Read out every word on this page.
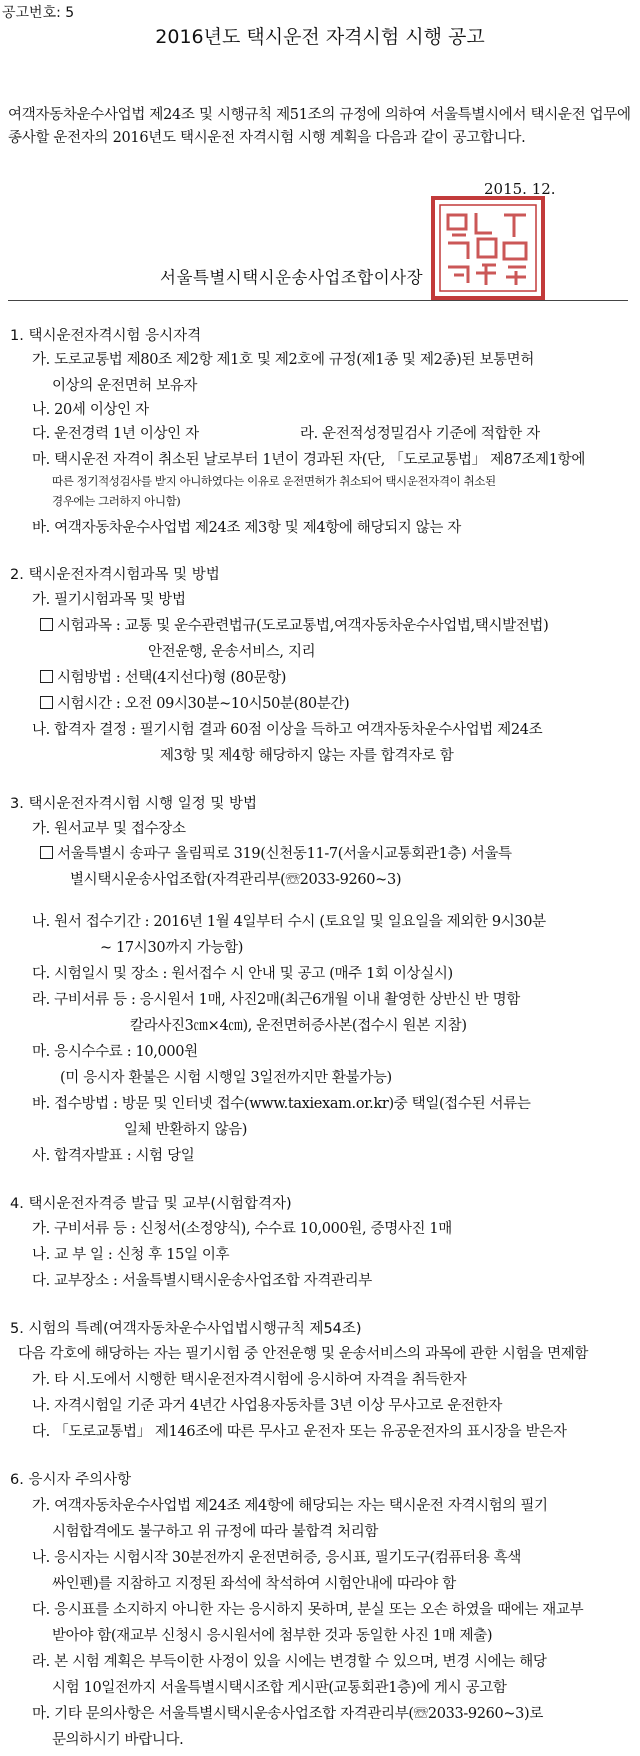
공고번호: 5
2016년도 택시운전 자격시험 시행 공고
여객자동차운수사업법 제24조 및 시행규칙 제51조의 규정에 의하여 서울특별시에서 택시운전 업무에 종사할 운전자의 2016년도 택시운전 자격시험 시행 계획을 다음과 같이 공고합니다.
2015. 12.
서울특별시택시운송사업조합이사장
1. 택시운전자격시험 응시자격
가. 도로교통법 제80조 제2항 제1호 및 제2호에 규정(제1종 및 제2종)된 보통면허
이상의 운전면허 보유자
나. 20세 이상인 자
다. 운전경력 1년 이상인 자	라. 운전적성정밀검사 기준에 적합한 자
마. 택시운전 자격이 취소된 날로부터 1년이 경과된 자(단, 「도로교통법」 제87조제1항에
따른 정기적성검사를 받지 아니하였다는 이유로 운전면허가 취소되어 택시운전자격이 취소된
경우에는 그러하지 아니함)
바. 여객자동차운수사업법 제24조 제3항 및 제4항에 해당되지 않는 자
2. 택시운전자격시험과목 및 방법
가. 필기시험과목 및 방법
시험과목 : 교통 및 운수관련법규(도로교통법,여객자동차운수사업법,택시발전법)
안전운행, 운송서비스, 지리
시험방법 : 선택(4지선다)형 (80문항)
시험시간 : 오전 09시30분~10시50분(80분간)
나. 합격자 결정 : 필기시험 결과 60점 이상을 득하고 여객자동차운수사업법 제24조
제3항 및 제4항 해당하지 않는 자를 합격자로 함
3. 택시운전자격시험 시행 일정 및 방법
가. 원서교부 및 접수장소
서울특별시 송파구 올림픽로 319(신천동11-7(서울시교통회관1층) 서울특
별시택시운송사업조합(자격관리부(☏2033-9260~3)
나. 원서 접수기간 : 2016년 1월 4일부터 수시 (토요일 및 일요일을 제외한 9시30분
~ 17시30까지 가능함)
다. 시험일시 및 장소 : 원서접수 시 안내 및 공고 (매주 1회 이상실시)
라. 구비서류 등 : 응시원서 1매, 사진2매(최근6개월 이내 촬영한 상반신 반 명함
칼라사진3㎝×4㎝), 운전면허증사본(접수시 원본 지참)
마. 응시수수료 : 10,000원
(미 응시자 환불은 시험 시행일 3일전까지만 환불가능)
바. 접수방법 : 방문 및 인터넷 접수(www.taxiexam.or.kr)중 택일(접수된 서류는
일체 반환하지 않음)
사. 합격자발표 : 시험 당일
4. 택시운전자격증 발급 및 교부(시험합격자)
가. 구비서류 등 : 신청서(소정양식), 수수료 10,000원, 증명사진 1매
나. 교 부 일 : 신청 후 15일 이후
다. 교부장소 : 서울특별시택시운송사업조합 자격관리부
5. 시험의 특례(여객자동차운수사업법시행규칙 제54조)
다음 각호에 해당하는 자는 필기시험 중 안전운행 및 운송서비스의 과목에 관한 시험을 면제함
가. 타 시.도에서 시행한 택시운전자격시험에 응시하여 자격을 취득한자
나. 자격시험일 기준 과거 4년간 사업용자동차를 3년 이상 무사고로 운전한자
다. 「도로교통법」 제146조에 따른 무사고 운전자 또는 유공운전자의 표시장을 받은자
6. 응시자 주의사항
가. 여객자동차운수사업법 제24조 제4항에 해당되는 자는 택시운전 자격시험의 필기
시험합격에도 불구하고 위 규정에 따라 불합격 처리함
나. 응시자는 시험시작 30분전까지 운전면허증, 응시표, 필기도구(컴퓨터용 흑색
싸인펜)를 지참하고 지정된 좌석에 착석하여 시험안내에 따라야 함
다. 응시표를 소지하지 아니한 자는 응시하지 못하며, 분실 또는 오손 하였을 때에는 재교부
받아야 함(재교부 신청시 응시원서에 첨부한 것과 동일한 사진 1매 제출)
라. 본 시험 계획은 부득이한 사정이 있을 시에는 변경할 수 있으며, 변경 시에는 해당
시험 10일전까지 서울특별시택시조합 게시판(교통회관1층)에 게시 공고함
마. 기타 문의사항은 서울특별시택시운송사업조합 자격관리부(☏2033-9260~3)로
문의하시기 바랍니다.
